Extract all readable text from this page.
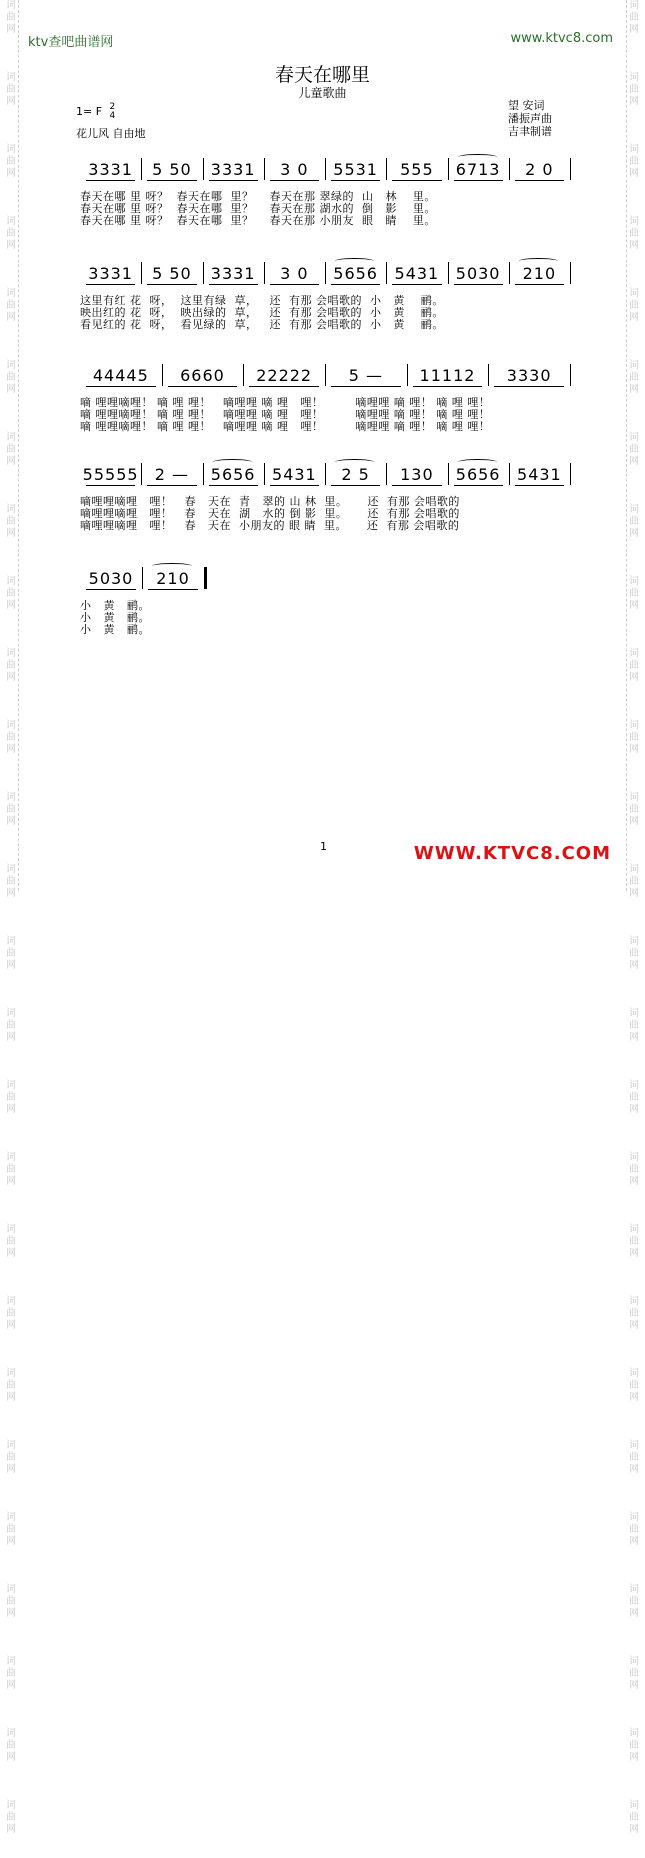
词
曲
网
词
曲
网
词
曲
网
词
曲
网
词
曲
网
词
曲
网
词
曲
网
词
曲
网
词
曲
网
词
曲
网
词
曲
网
词
曲
网
词
曲
网
词
曲
网
词
曲
网
词
曲
网
词
曲
网
词
曲
网
词
曲
网
词
曲
网
词
曲
网
词
曲
网
词
曲
网
词
曲
网
词
曲
网
词
曲
网
词
曲
网
词
曲
网
词
曲
网
词
曲
网
词
曲
网
词
曲
网
词
曲
网
词
曲
网
词
曲
网
词
曲
网
词
曲
网
词
曲
网
词
曲
网
词
曲
网
词
曲
网
词
曲
网
词
曲
网
词
曲
网
词
曲
网
词
曲
网
词
曲
网
词
曲
网
词
曲
网
词
曲
网
词
曲
网
词
曲
网
ktv查吧曲谱网	www.ktvc8.com
春天在哪里
儿童歌曲
1= F 2
4
花儿风 自由地
望 安词
潘振声曲
吉聿制谱
3331	5 50	3331	3 0	5531	555	6713	2 0
春天在哪 里 呀？  春天在哪  里？    春天在那 翠绿的  山   林    里。
春天在哪 里 呀？  春天在哪  里？    春天在那 湖水的  倒   影    里。
春天在哪 里 呀？  春天在哪  里？    春天在那 小朋友  眼   睛    里。
3331	5 50	3331	3 0	5656	5431	5030	210
这里有红 花  呀，  这里有绿  草，   还  有那 会唱歌的  小   黄    鹂。
映出红的 花  呀，  映出绿的  草，   还  有那 会唱歌的  小   黄    鹂。
看见红的 花  呀，  看见绿的  草，   还  有那 会唱歌的  小   黄    鹂。
44445	6660	22222	5 —	11112	3330
嘀 哩哩嘀哩！ 嘀 哩 哩！   嘀哩哩 嘀 哩   哩！        嘀哩哩 嘀 哩！ 嘀 哩 哩！
嘀 哩哩嘀哩！ 嘀 哩 哩！   嘀哩哩 嘀 哩   哩！        嘀哩哩 嘀 哩！ 嘀 哩 哩！
嘀 哩哩嘀哩！ 嘀 哩 哩！   嘀哩哩 嘀 哩   哩！        嘀哩哩 嘀 哩！ 嘀 哩 哩！
55555	2 —	5656	5431	2 5	130	5656	5431
嘀哩哩嘀哩   哩！   春   天在  青   翠的 山 林  里。     还  有那 会唱歌的
嘀哩哩嘀哩   哩！   春   天在  湖   水的 倒 影  里。     还  有那 会唱歌的
嘀哩哩嘀哩   哩！   春   天在  小朋友的 眼 睛  里。     还  有那 会唱歌的
5030	210
小   黄   鹂。
小   黄   鹂。
小   黄   鹂。
1	WWW.KTVC8.COM
